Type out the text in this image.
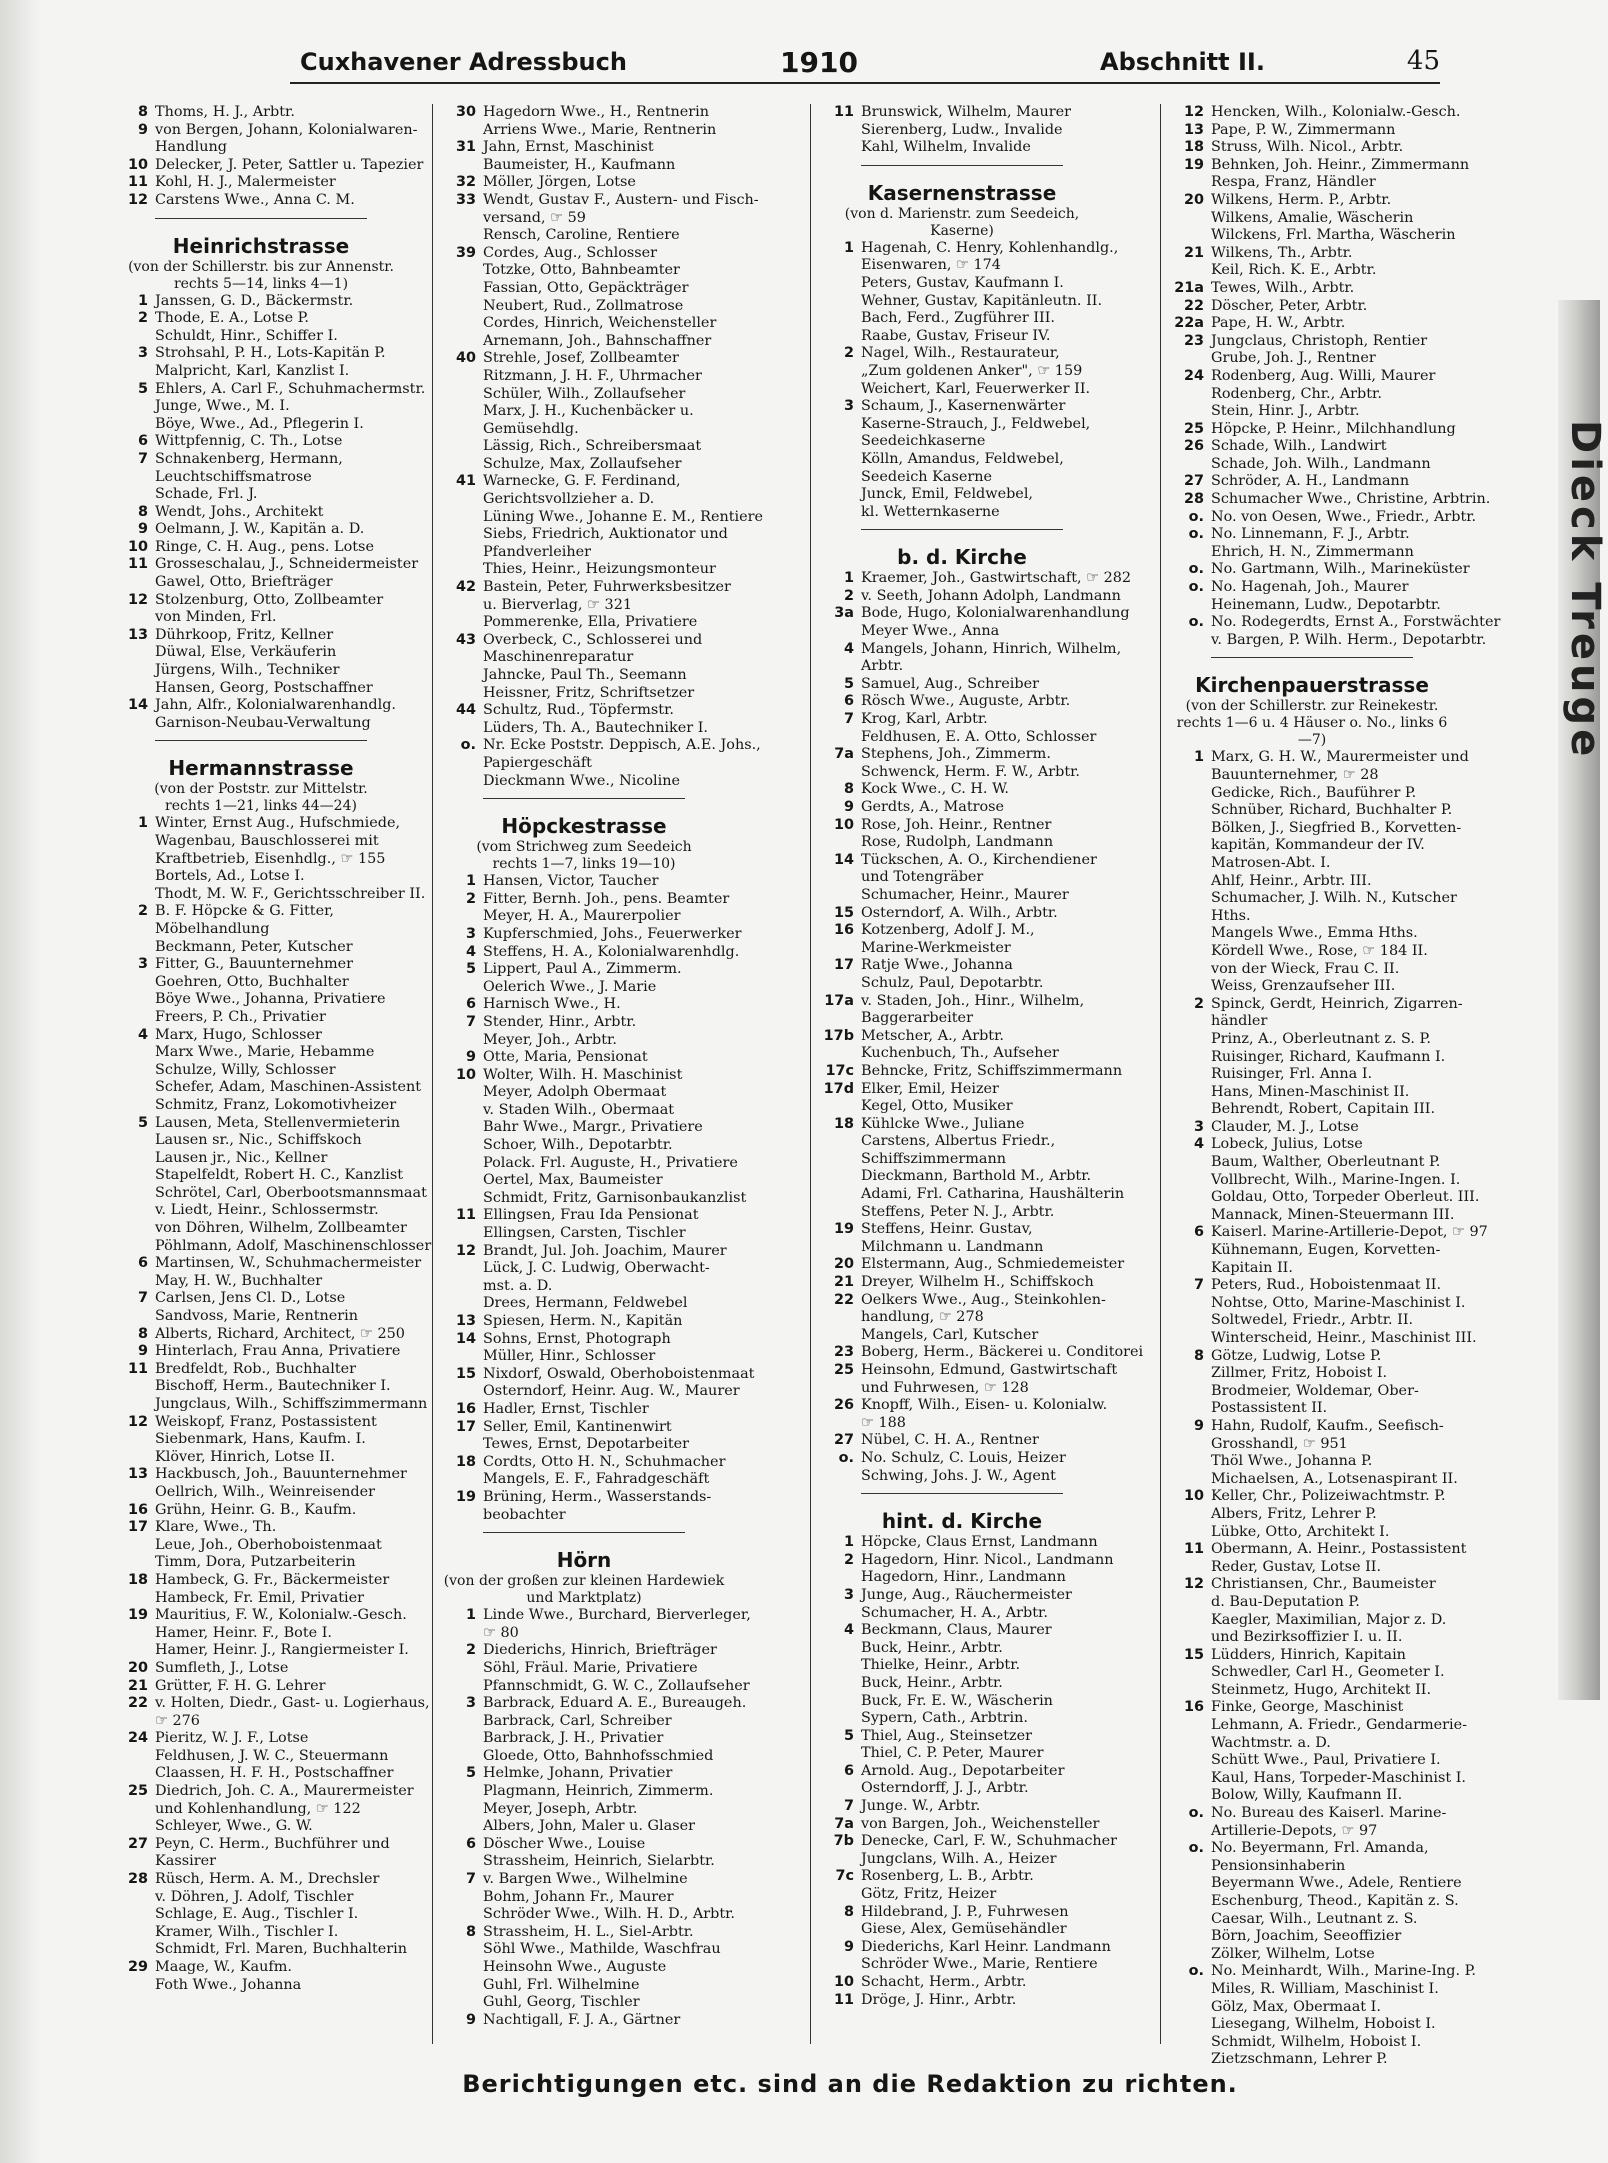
Cuxhavener Adressbuch	1910	Abschnitt II.	45
8 Thoms, H. J., Arbtr.
9 von Bergen, Johann, Kolonialwaren-
Handlung
10 Delecker, J. Peter, Sattler u. Tapezier
11 Kohl, H. J., Malermeister
12 Carstens Wwe., Anna C. M.
Heinrichstrasse
(von der Schillerstr. bis zur Annenstr.
rechts 5—14, links 4—1)
1 Janssen, G. D., Bäckermstr.
2 Thode, E. A., Lotse P.
Schuldt, Hinr., Schiffer I.
3 Strohsahl, P. H., Lots-Kapitän P.
Malpricht, Karl, Kanzlist I.
5 Ehlers, A. Carl F., Schuhmachermstr.
Junge, Wwe., M. I.
Böye, Wwe., Ad., Pflegerin I.
6 Wittpfennig, C. Th., Lotse
7 Schnakenberg, Hermann,
Leuchtschiffsmatrose
Schade, Frl. J.
8 Wendt, Johs., Architekt
9 Oelmann, J. W., Kapitän a. D.
10 Ringe, C. H. Aug., pens. Lotse
11 Grosseschalau, J., Schneidermeister
Gawel, Otto, Briefträger
12 Stolzenburg, Otto, Zollbeamter
von Minden, Frl.
13 Dührkoop, Fritz, Kellner
Düwal, Else, Verkäuferin
Jürgens, Wilh., Techniker
Hansen, Georg, Postschaffner
14 Jahn, Alfr., Kolonialwarenhandlg.
Garnison-Neubau-Verwaltung
Hermannstrasse
(von der Poststr. zur Mittelstr.
rechts 1—21, links 44—24)
1 Winter, Ernst Aug., Hufschmiede,
Wagenbau, Bauschlosserei mit
Kraftbetrieb, Eisenhdlg., ☞ 155
Bortels, Ad., Lotse I.
Thodt, M. W. F., Gerichtsschreiber II.
2 B. F. Höpcke & G. Fitter,
Möbelhandlung
Beckmann, Peter, Kutscher
3 Fitter, G., Bauunternehmer
Goehren, Otto, Buchhalter
Böye Wwe., Johanna, Privatiere
Freers, P. Ch., Privatier
4 Marx, Hugo, Schlosser
Marx Wwe., Marie, Hebamme
Schulze, Willy, Schlosser
Schefer, Adam, Maschinen-Assistent
Schmitz, Franz, Lokomotivheizer
5 Lausen, Meta, Stellenvermieterin
Lausen sr., Nic., Schiffskoch
Lausen jr., Nic., Kellner
Stapelfeldt, Robert H. C., Kanzlist
Schrötel, Carl, Oberbootsmannsmaat
v. Liedt, Heinr., Schlossermstr.
von Döhren, Wilhelm, Zollbeamter
Pöhlmann, Adolf, Maschinenschlosser
6 Martinsen, W., Schuhmachermeister
May, H. W., Buchhalter
7 Carlsen, Jens Cl. D., Lotse
Sandvoss, Marie, Rentnerin
8 Alberts, Richard, Architect, ☞ 250
9 Hinterlach, Frau Anna, Privatiere
11 Bredfeldt, Rob., Buchhalter
Bischoff, Herm., Bautechniker I.
Jungclaus, Wilh., Schiffszimmermann
12 Weiskopf, Franz, Postassistent
Siebenmark, Hans, Kaufm. I.
Klöver, Hinrich, Lotse II.
13 Hackbusch, Joh., Bauunternehmer
Oellrich, Wilh., Weinreisender
16 Grühn, Heinr. G. B., Kaufm.
17 Klare, Wwe., Th.
Leue, Joh., Oberhoboistenmaat
Timm, Dora, Putzarbeiterin
18 Hambeck, G. Fr., Bäckermeister
Hambeck, Fr. Emil, Privatier
19 Mauritius, F. W., Kolonialw.-Gesch.
Hamer, Heinr. F., Bote I.
Hamer, Heinr. J., Rangiermeister I.
20 Sumfleth, J., Lotse
21 Grütter, F. H. G. Lehrer
22 v. Holten, Diedr., Gast- u. Logierhaus,
☞ 276
24 Pieritz, W. J. F., Lotse
Feldhusen, J. W. C., Steuermann
Claassen, H. F. H., Postschaffner
25 Diedrich, Joh. C. A., Maurermeister
und Kohlenhandlung, ☞ 122
Schleyer, Wwe., G. W.
27 Peyn, C. Herm., Buchführer und
Kassirer
28 Rüsch, Herm. A. M., Drechsler
v. Döhren, J. Adolf, Tischler
Schlage, E. Aug., Tischler I.
Kramer, Wilh., Tischler I.
Schmidt, Frl. Maren, Buchhalterin
29 Maage, W., Kaufm.
Foth Wwe., Johanna
30 Hagedorn Wwe., H., Rentnerin
Arriens Wwe., Marie, Rentnerin
31 Jahn, Ernst, Maschinist
Baumeister, H., Kaufmann
32 Möller, Jörgen, Lotse
33 Wendt, Gustav F., Austern- und Fisch-
versand, ☞ 59
Rensch, Caroline, Rentiere
39 Cordes, Aug., Schlosser
Totzke, Otto, Bahnbeamter
Fassian, Otto, Gepäckträger
Neubert, Rud., Zollmatrose
Cordes, Hinrich, Weichensteller
Arnemann, Joh., Bahnschaffner
40 Strehle, Josef, Zollbeamter
Ritzmann, J. H. F., Uhrmacher
Schüler, Wilh., Zollaufseher
Marx, J. H., Kuchenbäcker u.
Gemüsehdlg.
Lässig, Rich., Schreibersmaat
Schulze, Max, Zollaufseher
41 Warnecke, G. F. Ferdinand,
Gerichtsvollzieher a. D.
Lüning Wwe., Johanne E. M., Rentiere
Siebs, Friedrich, Auktionator und
Pfandverleiher
Thies, Heinr., Heizungsmonteur
42 Bastein, Peter, Fuhrwerksbesitzer
u. Bierverlag, ☞ 321
Pommerenke, Ella, Privatiere
43 Overbeck, C., Schlosserei und
Maschinenreparatur
Jahncke, Paul Th., Seemann
Heissner, Fritz, Schriftsetzer
44 Schultz, Rud., Töpfermstr.
Lüders, Th. A., Bautechniker I.
o. Nr. Ecke Poststr. Deppisch, A.E. Johs.,
Papiergeschäft
Dieckmann Wwe., Nicoline
Höpckestrasse
(vom Strichweg zum Seedeich
rechts 1—7, links 19—10)
1 Hansen, Victor, Taucher
2 Fitter, Bernh. Joh., pens. Beamter
Meyer, H. A., Maurerpolier
3 Kupferschmied, Johs., Feuerwerker
4 Steffens, H. A., Kolonialwarenhdlg.
5 Lippert, Paul A., Zimmerm.
Oelerich Wwe., J. Marie
6 Harnisch Wwe., H.
7 Stender, Hinr., Arbtr.
Meyer, Joh., Arbtr.
9 Otte, Maria, Pensionat
10 Wolter, Wilh. H. Maschinist
Meyer, Adolph Obermaat
v. Staden Wilh., Obermaat
Bahr Wwe., Margr., Privatiere
Schoer, Wilh., Depotarbtr.
Polack. Frl. Auguste, H., Privatiere
Oertel, Max, Baumeister
Schmidt, Fritz, Garnisonbaukanzlist
11 Ellingsen, Frau Ida Pensionat
Ellingsen, Carsten, Tischler
12 Brandt, Jul. Joh. Joachim, Maurer
Lück, J. C. Ludwig, Oberwacht-
mst. a. D.
Drees, Hermann, Feldwebel
13 Spiesen, Herm. N., Kapitän
14 Sohns, Ernst, Photograph
Müller, Hinr., Schlosser
15 Nixdorf, Oswald, Oberhoboistenmaat
Osterndorf, Heinr. Aug. W., Maurer
16 Hadler, Ernst, Tischler
17 Seller, Emil, Kantinenwirt
Tewes, Ernst, Depotarbeiter
18 Cordts, Otto H. N., Schuhmacher
Mangels, E. F., Fahradgeschäft
19 Brüning, Herm., Wasserstands-
beobachter
Hörn
(von der großen zur kleinen Hardewiek
und Marktplatz)
1 Linde Wwe., Burchard, Bierverleger,
☞ 80
2 Diederichs, Hinrich, Briefträger
Söhl, Fräul. Marie, Privatiere
Pfannschmidt, G. W. C., Zollaufseher
3 Barbrack, Eduard A. E., Bureaugeh.
Barbrack, Carl, Schreiber
Barbrack, J. H., Privatier
Gloede, Otto, Bahnhofsschmied
5 Helmke, Johann, Privatier
Plagmann, Heinrich, Zimmerm.
Meyer, Joseph, Arbtr.
Albers, John, Maler u. Glaser
6 Döscher Wwe., Louise
Strassheim, Heinrich, Sielarbtr.
7 v. Bargen Wwe., Wilhelmine
Bohm, Johann Fr., Maurer
Schröder Wwe., Wilh. H. D., Arbtr.
8 Strassheim, H. L., Siel-Arbtr.
Söhl Wwe., Mathilde, Waschfrau
Heinsohn Wwe., Auguste
Guhl, Frl. Wilhelmine
Guhl, Georg, Tischler
9 Nachtigall, F. J. A., Gärtner
11 Brunswick, Wilhelm, Maurer
Sierenberg, Ludw., Invalide
Kahl, Wilhelm, Invalide
Kasernenstrasse
(von d. Marienstr. zum Seedeich, Kaserne)
1 Hagenah, C. Henry, Kohlenhandlg.,
Eisenwaren, ☞ 174
Peters, Gustav, Kaufmann I.
Wehner, Gustav, Kapitänleutn. II.
Bach, Ferd., Zugführer III.
Raabe, Gustav, Friseur IV.
2 Nagel, Wilh., Restaurateur,
„Zum goldenen Anker", ☞ 159
Weichert, Karl, Feuerwerker II.
3 Schaum, J., Kasernenwärter
Kaserne-Strauch, J., Feldwebel,
Seedeichkaserne
Kölln, Amandus, Feldwebel,
Seedeich Kaserne
Junck, Emil, Feldwebel,
kl. Wetternkaserne
b. d. Kirche
1 Kraemer, Joh., Gastwirtschaft, ☞ 282
2 v. Seeth, Johann Adolph, Landmann
3a Bode, Hugo, Kolonialwarenhandlung
Meyer Wwe., Anna
4 Mangels, Johann, Hinrich, Wilhelm,
Arbtr.
5 Samuel, Aug., Schreiber
6 Rösch Wwe., Auguste, Arbtr.
7 Krog, Karl, Arbtr.
Feldhusen, E. A. Otto, Schlosser
7a Stephens, Joh., Zimmerm.
Schwenck, Herm. F. W., Arbtr.
8 Kock Wwe., C. H. W.
9 Gerdts, A., Matrose
10 Rose, Joh. Heinr., Rentner
Rose, Rudolph, Landmann
14 Tückschen, A. O., Kirchendiener
und Totengräber
Schumacher, Heinr., Maurer
15 Osterndorf, A. Wilh., Arbtr.
16 Kotzenberg, Adolf J. M.,
Marine-Werkmeister
17 Ratje Wwe., Johanna
Schulz, Paul, Depotarbtr.
17a v. Staden, Joh., Hinr., Wilhelm,
Baggerarbeiter
17b Metscher, A., Arbtr.
Kuchenbuch, Th., Aufseher
17c Behncke, Fritz, Schiffszimmermann
17d Elker, Emil, Heizer
Kegel, Otto, Musiker
18 Kühlcke Wwe., Juliane
Carstens, Albertus Friedr.,
Schiffszimmermann
Dieckmann, Barthold M., Arbtr.
Adami, Frl. Catharina, Haushälterin
Steffens, Peter N. J., Arbtr.
19 Steffens, Heinr. Gustav,
Milchmann u. Landmann
20 Elstermann, Aug., Schmiedemeister
21 Dreyer, Wilhelm H., Schiffskoch
22 Oelkers Wwe., Aug., Steinkohlen-
handlung, ☞ 278
Mangels, Carl, Kutscher
23 Boberg, Herm., Bäckerei u. Conditorei
25 Heinsohn, Edmund, Gastwirtschaft
und Fuhrwesen, ☞ 128
26 Knopff, Wilh., Eisen- u. Kolonialw.
☞ 188
27 Nübel, C. H. A., Rentner
o. No. Schulz, C. Louis, Heizer
Schwing, Johs. J. W., Agent
hint. d. Kirche
1 Höpcke, Claus Ernst, Landmann
2 Hagedorn, Hinr. Nicol., Landmann
Hagedorn, Hinr., Landmann
3 Junge, Aug., Räuchermeister
Schumacher, H. A., Arbtr.
4 Beckmann, Claus, Maurer
Buck, Heinr., Arbtr.
Thielke, Heinr., Arbtr.
Buck, Heinr., Arbtr.
Buck, Fr. E. W., Wäscherin
Sypern, Cath., Arbtrin.
5 Thiel, Aug., Steinsetzer
Thiel, C. P. Peter, Maurer
6 Arnold. Aug., Depotarbeiter
Osterndorff, J. J., Arbtr.
7 Junge. W., Arbtr.
7a von Bargen, Joh., Weichensteller
7b Denecke, Carl, F. W., Schuhmacher
Jungclans, Wilh. A., Heizer
7c Rosenberg, L. B., Arbtr.
Götz, Fritz, Heizer
8 Hildebrand, J. P., Fuhrwesen
Giese, Alex, Gemüsehändler
9 Diederichs, Karl Heinr. Landmann
Schröder Wwe., Marie, Rentiere
10 Schacht, Herm., Arbtr.
11 Dröge, J. Hinr., Arbtr.
12 Hencken, Wilh., Kolonialw.-Gesch.
13 Pape, P. W., Zimmermann
18 Struss, Wilh. Nicol., Arbtr.
19 Behnken, Joh. Heinr., Zimmermann
Respa, Franz, Händler
20 Wilkens, Herm. P., Arbtr.
Wilkens, Amalie, Wäscherin
Wilckens, Frl. Martha, Wäscherin
21 Wilkens, Th., Arbtr.
Keil, Rich. K. E., Arbtr.
21a Tewes, Wilh., Arbtr.
22 Döscher, Peter, Arbtr.
22a Pape, H. W., Arbtr.
23 Jungclaus, Christoph, Rentier
Grube, Joh. J., Rentner
24 Rodenberg, Aug. Willi, Maurer
Rodenberg, Chr., Arbtr.
Stein, Hinr. J., Arbtr.
25 Höpcke, P. Heinr., Milchhandlung
26 Schade, Wilh., Landwirt
Schade, Joh. Wilh., Landmann
27 Schröder, A. H., Landmann
28 Schumacher Wwe., Christine, Arbtrin.
o. No. von Oesen, Wwe., Friedr., Arbtr.
o. No. Linnemann, F. J., Arbtr.
Ehrich, H. N., Zimmermann
o. No. Gartmann, Wilh., Marineküster
o. No. Hagenah, Joh., Maurer
Heinemann, Ludw., Depotarbtr.
o. No. Rodegerdts, Ernst A., Forstwächter
v. Bargen, P. Wilh. Herm., Depotarbtr.
Kirchenpauerstrasse
(von der Schillerstr. zur Reinekestr.
rechts 1—6 u. 4 Häuser o. No., links 6—7)
1 Marx, G. H. W., Maurermeister und
Bauunternehmer, ☞ 28
Gedicke, Rich., Bauführer P.
Schnüber, Richard, Buchhalter P.
Bölken, J., Siegfried B., Korvetten-
kapitän, Kommandeur der IV.
Matrosen-Abt. I.
Ahlf, Heinr., Arbtr. III.
Schumacher, J. Wilh. N., Kutscher
Hths.
Mangels Wwe., Emma Hths.
Kördell Wwe., Rose, ☞ 184 II.
von der Wieck, Frau C. II.
Weiss, Grenzaufseher III.
2 Spinck, Gerdt, Heinrich, Zigarren-
händler
Prinz, A., Oberleutnant z. S. P.
Ruisinger, Richard, Kaufmann I.
Ruisinger, Frl. Anna I.
Hans, Minen-Maschinist II.
Behrendt, Robert, Capitain III.
3 Clauder, M. J., Lotse
4 Lobeck, Julius, Lotse
Baum, Walther, Oberleutnant P.
Vollbrecht, Wilh., Marine-Ingen. I.
Goldau, Otto, Torpeder Oberleut. III.
Mannack, Minen-Steuermann III.
6 Kaiserl. Marine-Artillerie-Depot, ☞ 97
Kühnemann, Eugen, Korvetten-
Kapitain II.
7 Peters, Rud., Hoboistenmaat II.
Nohtse, Otto, Marine-Maschinist I.
Soltwedel, Friedr., Arbtr. II.
Winterscheid, Heinr., Maschinist III.
8 Götze, Ludwig, Lotse P.
Zillmer, Fritz, Hoboist I.
Brodmeier, Woldemar, Ober-
Postassistent II.
9 Hahn, Rudolf, Kaufm., Seefisch-
Grosshandl, ☞ 951
Thöl Wwe., Johanna P.
Michaelsen, A., Lotsenaspirant II.
10 Keller, Chr., Polizeiwachtmstr. P.
Albers, Fritz, Lehrer P.
Lübke, Otto, Architekt I.
11 Obermann, A. Heinr., Postassistent
Reder, Gustav, Lotse II.
12 Christiansen, Chr., Baumeister
d. Bau-Deputation P.
Kaegler, Maximilian, Major z. D.
und Bezirksoffizier I. u. II.
15 Lüdders, Hinrich, Kapitain
Schwedler, Carl H., Geometer I.
Steinmetz, Hugo, Architekt II.
16 Finke, George, Maschinist
Lehmann, A. Friedr., Gendarmerie-
Wachtmstr. a. D.
Schütt Wwe., Paul, Privatiere I.
Kaul, Hans, Torpeder-Maschinist I.
Bolow, Willy, Kaufmann II.
o. No. Bureau des Kaiserl. Marine-
Artillerie-Depots, ☞ 97
o. No. Beyermann, Frl. Amanda,
Pensionsinhaberin
Beyermann Wwe., Adele, Rentiere
Eschenburg, Theod., Kapitän z. S.
Caesar, Wilh., Leutnant z. S.
Börn, Joachim, Seeoffizier
Zölker, Wilhelm, Lotse
o. No. Meinhardt, Wilh., Marine-Ing. P.
Miles, R. William, Maschinist I.
Gölz, Max, Obermaat I.
Liesegang, Wilhelm, Hoboist I.
Schmidt, Wilhelm, Hoboist I.
Zietzschmann, Lehrer P.
Berichtigungen etc. sind an die Redaktion zu richten.
Dieck Treuge
